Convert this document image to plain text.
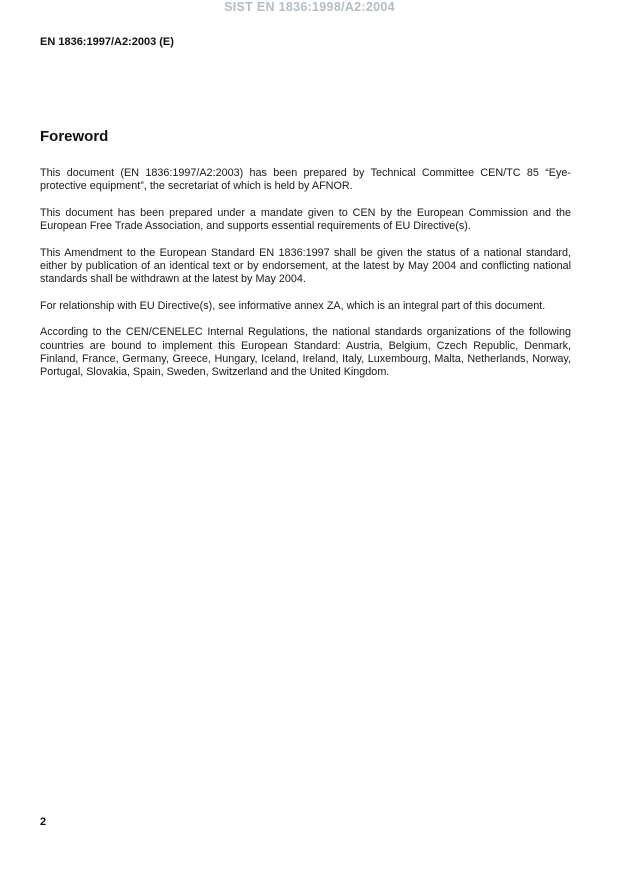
SIST EN 1836:1998/A2:2004
EN 1836:1997/A2:2003 (E)
Foreword

This document (EN 1836:1997/A2:2003) has been prepared by Technical Committee CEN/TC 85 “Eye-protective equipment”, the secretariat of which is held by AFNOR.

This document has been prepared under a mandate given to CEN by the European Commission and the European Free Trade Association, and supports essential requirements of EU Directive(s).

This Amendment to the European Standard EN 1836:1997 shall be given the status of a national standard, either by publication of an identical text or by endorsement, at the latest by May 2004 and conflicting national standards shall be withdrawn at the latest by May 2004.

For relationship with EU Directive(s), see informative annex ZA, which is an integral part of this document.

According to the CEN/CENELEC Internal Regulations, the national standards organizations of the following countries are bound to implement this European Standard: Austria, Belgium, Czech Republic, Denmark, Finland, France, Germany, Greece, Hungary, Iceland, Ireland, Italy, Luxembourg, Malta, Netherlands, Norway, Portugal, Slovakia, Spain, Sweden, Switzerland and the United Kingdom.

2
